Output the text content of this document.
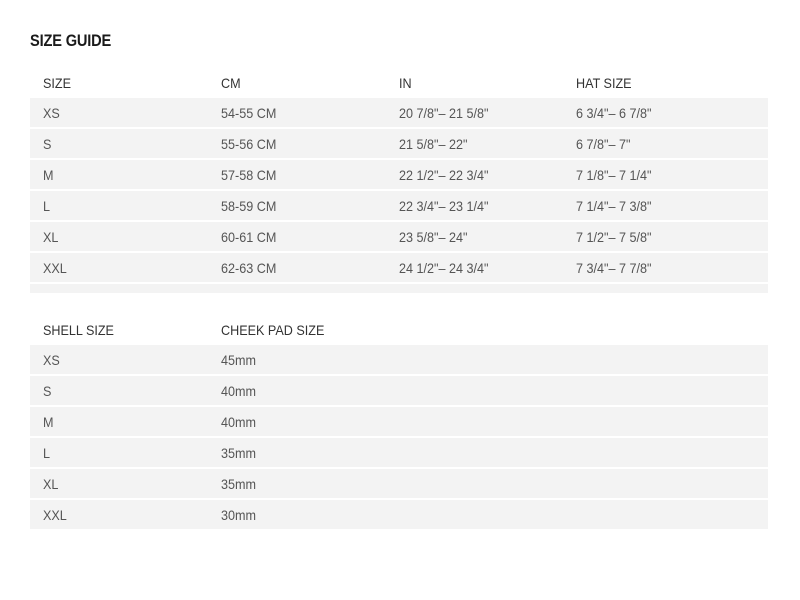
SIZE GUIDE
SIZE	CM	IN	HAT SIZE
XS	54-55 CM	20 7/8"– 21 5/8"	6 3/4"– 6 7/8"
S	55-56 CM	21 5/8"– 22"	6 7/8"– 7"
M	57-58 CM	22 1/2"– 22 3/4"	7 1/8"– 7 1/4"
L	58-59 CM	22 3/4"– 23 1/4"	7 1/4"– 7 3/8"
XL	60-61 CM	23 5/8"– 24"	7 1/2"– 7 5/8"
XXL	62-63 CM	24 1/2"– 24 3/4"	7 3/4"– 7 7/8"
SHELL SIZE	CHEEK PAD SIZE
XS	45mm
S	40mm
M	40mm
L	35mm
XL	35mm
XXL	30mm
